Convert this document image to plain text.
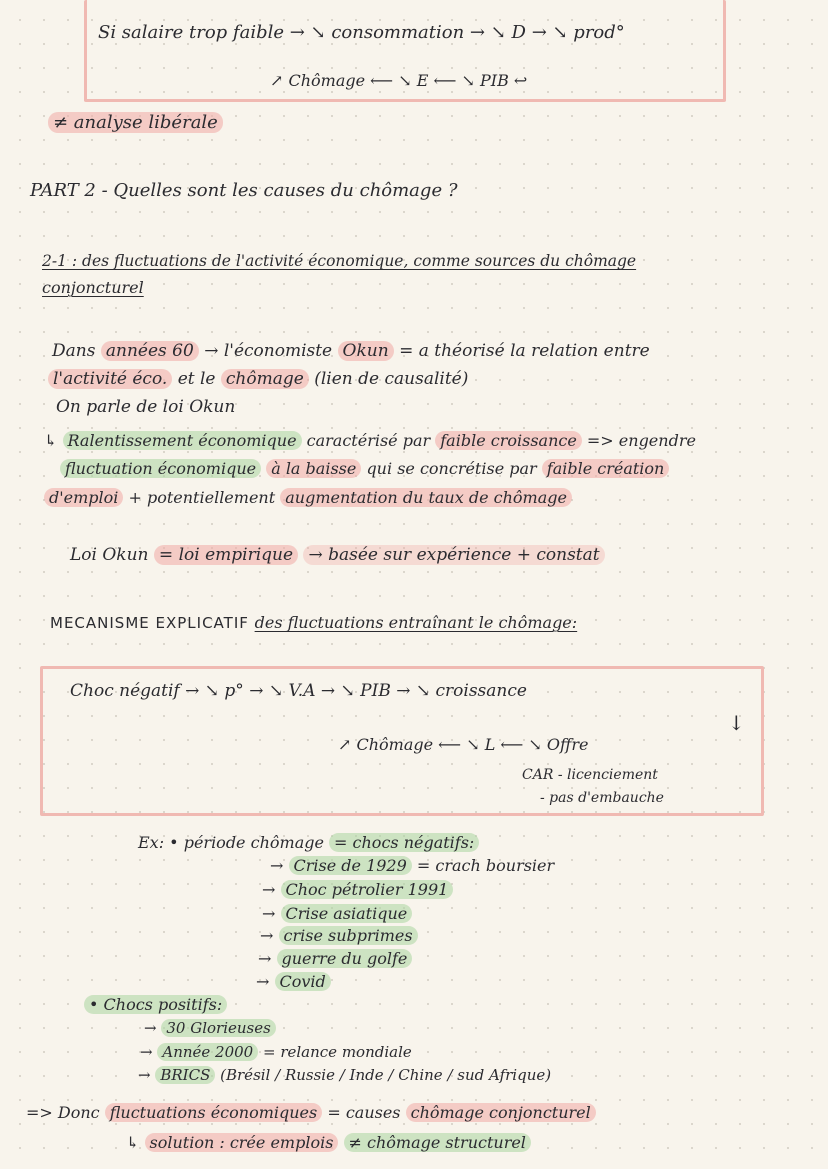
Si salaire trop faible → ↘ consommation → ↘ D → ↘ prod°
↗ Chômage ⟵ ↘ E ⟵ ↘ PIB ↩
≠ analyse libérale
PART 2 - Quelles sont les causes du chômage ?
2-1 : des fluctuations de l'activité économique, comme sources du chômage
conjoncturel
Dans années 60 → l'économiste Okun = a théorisé la relation entre
l'activité éco. et le chômage (lien de causalité)
On parle de loi Okun
↳ Ralentissement économique caractérisé par faible croissance => engendre
fluctuation économique à la baisse qui se concrétise par faible création
d'emploi + potentiellement augmentation du taux de chômage
Loi Okun = loi empirique → basée sur expérience + constat
MECANISME EXPLICATIF des fluctuations entraînant le chômage:
Choc négatif → ↘ p° → ↘ V.A → ↘ PIB → ↘ croissance
↓
↗ Chômage ⟵ ↘ L ⟵ ↘ Offre
CAR - licenciement
- pas d'embauche
Ex: • période chômage = chocs négatifs:
→ Crise de 1929 = crach boursier
→ Choc pétrolier 1991
→ Crise asiatique
→ crise subprimes
→ guerre du golfe
→ Covid
• Chocs positifs:
→ 30 Glorieuses
→ Année 2000 = relance mondiale
→ BRICS (Brésil / Russie / Inde / Chine / sud Afrique)
=> Donc fluctuations économiques = causes chômage conjoncturel
↳ solution : crée emplois ≠ chômage structurel
